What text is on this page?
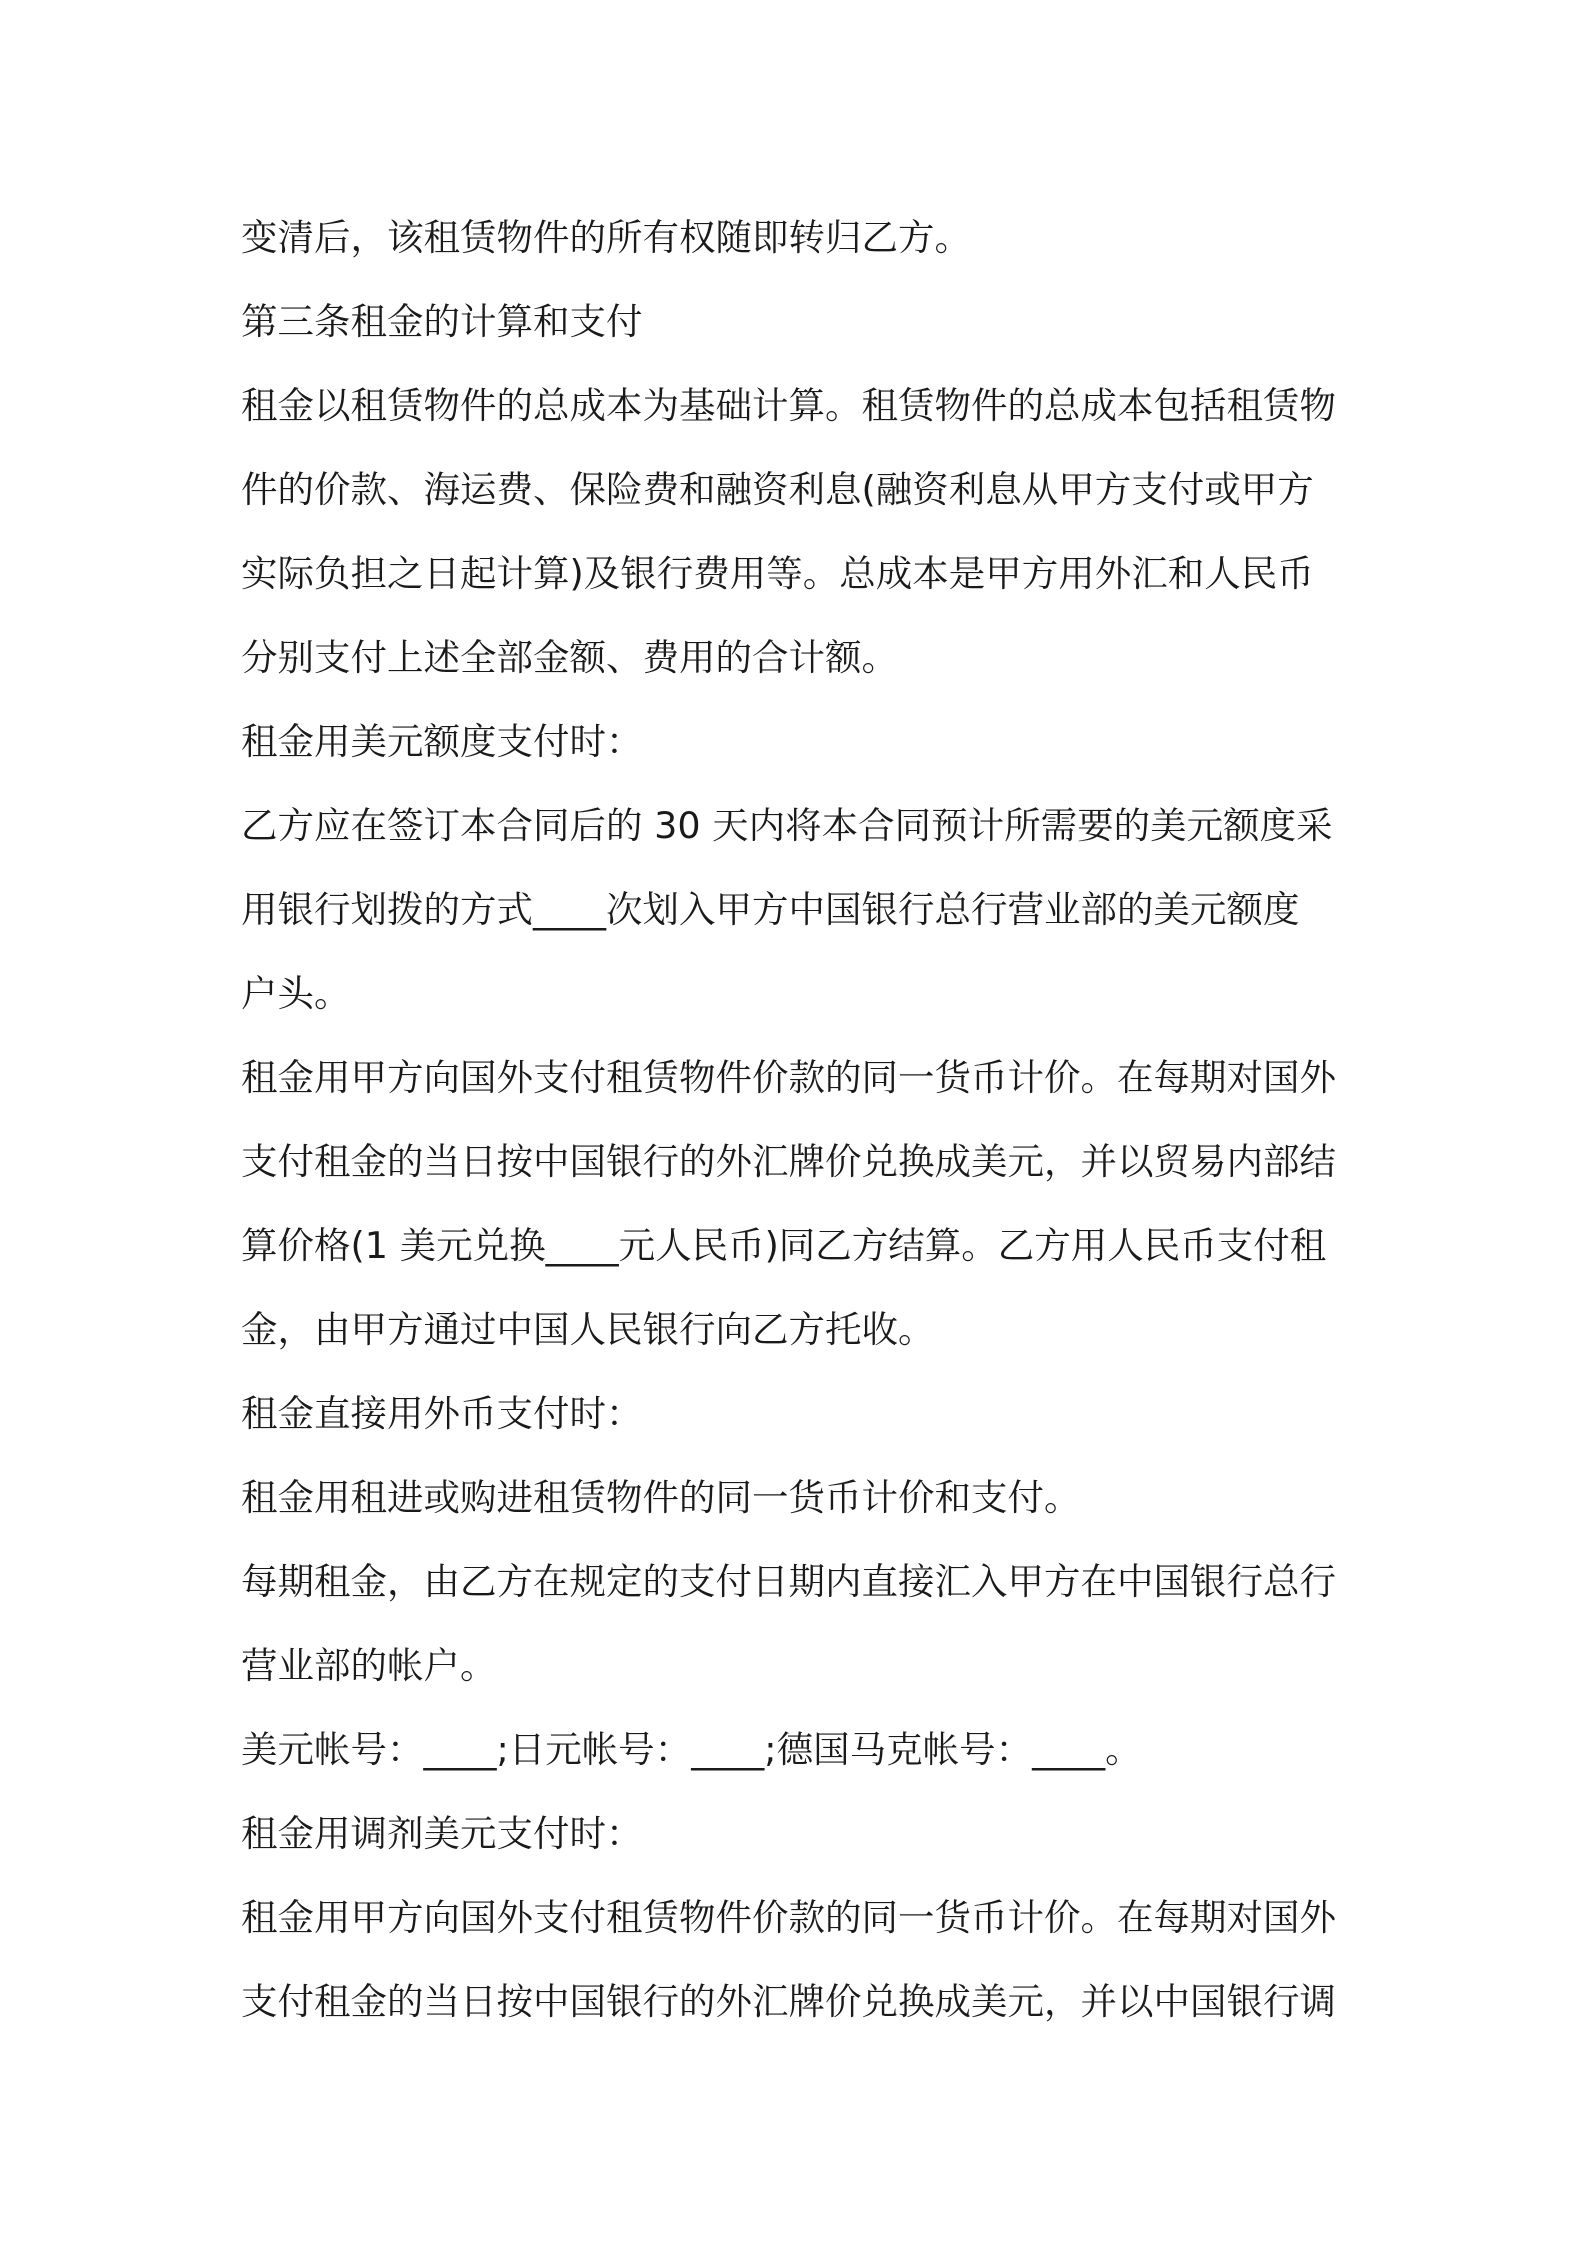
变清后，该租赁物件的所有权随即转归乙方。
第三条租金的计算和支付
租金以租赁物件的总成本为基础计算。租赁物件的总成本包括租赁物
件的价款、海运费、保险费和融资利息(融资利息从甲方支付或甲方
实际负担之日起计算)及银行费用等。总成本是甲方用外汇和人民币
分别支付上述全部金额、费用的合计额。
租金用美元额度支付时：
乙方应在签订本合同后的 30 天内将本合同预计所需要的美元额度采
用银行划拨的方式____次划入甲方中国银行总行营业部的美元额度
户头。
租金用甲方向国外支付租赁物件价款的同一货币计价。在每期对国外
支付租金的当日按中国银行的外汇牌价兑换成美元，并以贸易内部结
算价格(1 美元兑换____元人民币)同乙方结算。乙方用人民币支付租
金，由甲方通过中国人民银行向乙方托收。
租金直接用外币支付时：
租金用租进或购进租赁物件的同一货币计价和支付。
每期租金，由乙方在规定的支付日期内直接汇入甲方在中国银行总行
营业部的帐户。
美元帐号：____;日元帐号：____;德国马克帐号：____。
租金用调剂美元支付时：
租金用甲方向国外支付租赁物件价款的同一货币计价。在每期对国外
支付租金的当日按中国银行的外汇牌价兑换成美元，并以中国银行调
